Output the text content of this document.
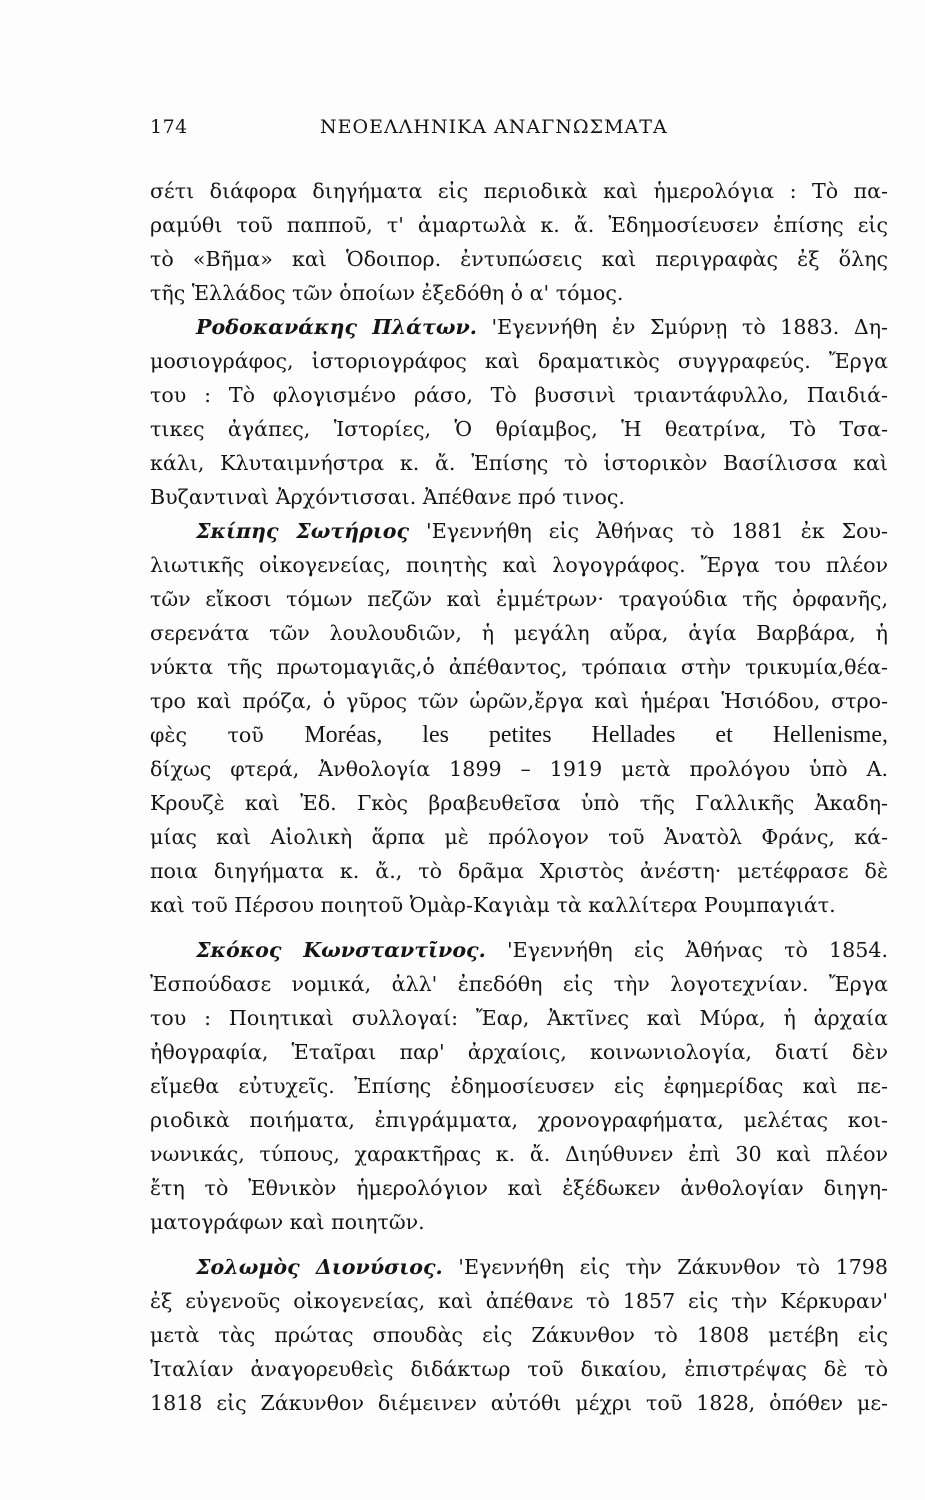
174	ΝΕΟΕΛΛΗΝΙΚΑ ΑΝΑΓΝΩΣΜΑΤΑ
σέτι διάφορα διηγήματα εἰς περιοδικὰ καὶ ἡμερολόγια : Τὸ πα-
ραμύθι τοῦ παπποῦ, τ' ἀμαρτωλὰ κ. ἄ. Ἐδημοσίευσεν ἐπίσης εἰς
τὸ «Βῆμα» καὶ Ὁδοιπορ. ἐντυπώσεις καὶ περιγραφὰς ἐξ ὅλης
τῆς Ἑλλάδος τῶν ὁποίων ἐξεδόθη ὁ α' τόμος.
Ροδοκανάκης Πλάτων. 'Εγεννήθη ἐν Σμύρνῃ τὸ 1883. Δη-
μοσιογράφος, ἱστοριογράφος καὶ δραματικὸς συγγραφεύς. Ἔργα
του : Τὸ φλογισμένο ράσο, Τὸ βυσσινὶ τριαντάφυλλο, Παιδιά-
τικες ἀγάπες, Ἱστορίες, Ὁ θρίαμβος, Ἡ θεατρίνα, Τὸ Τσα-
κάλι, Κλυταιμνήστρα κ. ἄ. Ἐπίσης τὸ ἱστορικὸν Βασίλισσα καὶ
Βυζαντιναὶ Ἀρχόντισσαι. Ἀπέθανε πρό τινος.
Σκίπης Σωτήριος 'Εγεννήθη εἰς Ἀθήνας τὸ 1881 ἐκ Σου-
λιωτικῆς οἰκογενείας, ποιητὴς καὶ λογογράφος. Ἔργα του πλέον
τῶν εἴκοσι τόμων πεζῶν καὶ ἐμμέτρων· τραγούδια τῆς ὀρφανῆς,
σερενάτα τῶν λουλουδιῶν, ἡ μεγάλη αὔρα, ἁγία Βαρβάρα, ἡ
νύκτα τῆς πρωτομαγιᾶς,ὁ ἀπέθαντος, τρόπαια στὴν τρικυμία,θέα-
τρο καὶ πρόζα, ὁ γῦρος τῶν ὡρῶν,ἔργα καὶ ἡμέραι Ἡσιόδου, στρο-
φὲς τοῦ Moréas, les petites Hellades et Hellenisme,
δίχως φτερά, Ἀνθολογία 1899 – 1919 μετὰ προλόγου ὑπὸ Α.
Κρουζὲ καὶ Ἐδ. Γκὸς βραβευθεῖσα ὑπὸ τῆς Γαλλικῆς Ἀκαδη-
μίας καὶ Αἰολικὴ ἅρπα μὲ πρόλογον τοῦ Ἀνατὸλ Φράνς, κά-
ποια διηγήματα κ. ἄ., τὸ δρᾶμα Χριστὸς ἀνέστη· μετέφρασε δὲ
καὶ τοῦ Πέρσου ποιητοῦ Ὀμὰρ-Καγιὰμ τὰ καλλίτερα Ρουμπαγιάτ.
Σκόκος Κωνσταντῖνος. 'Εγεννήθη εἰς Ἀθήνας τὸ 1854.
Ἐσπούδασε νομικά, ἀλλ' ἐπεδόθη εἰς τὴν λογοτεχνίαν. Ἔργα
του : Ποιητικαὶ συλλογαί: Ἔαρ, Ἀκτῖνες καὶ Μύρα, ἡ ἀρχαία
ἠθογραφία, Ἑταῖραι παρ' ἀρχαίοις, κοινωνιολογία, διατί δὲν
εἴμεθα εὐτυχεῖς. Ἐπίσης ἐδημοσίευσεν εἰς ἐφημερίδας καὶ πε-
ριοδικὰ ποιήματα, ἐπιγράμματα, χρονογραφήματα, μελέτας κοι-
νωνικάς, τύπους, χαρακτῆρας κ. ἄ. Διηύθυνεν ἐπὶ 30 καὶ πλέον
ἔτη τὸ Ἐθνικὸν ἡμερολόγιον καὶ ἐξέδωκεν ἀνθολογίαν διηγη-
ματογράφων καὶ ποιητῶν.
Σολωμὸς Διονύσιος. 'Εγεννήθη εἰς τὴν Ζάκυνθον τὸ 1798
ἐξ εὐγενοῦς οἰκογενείας, καὶ ἀπέθανε τὸ 1857 εἰς τὴν Κέρκυραν'
μετὰ τὰς πρώτας σπουδὰς εἰς Ζάκυνθον τὸ 1808 μετέβη εἰς
Ἰταλίαν ἀναγορευθεὶς διδάκτωρ τοῦ δικαίου, ἐπιστρέψας δὲ τὸ
1818 εἰς Ζάκυνθον διέμεινεν αὐτόθι μέχρι τοῦ 1828, ὁπόθεν με-
